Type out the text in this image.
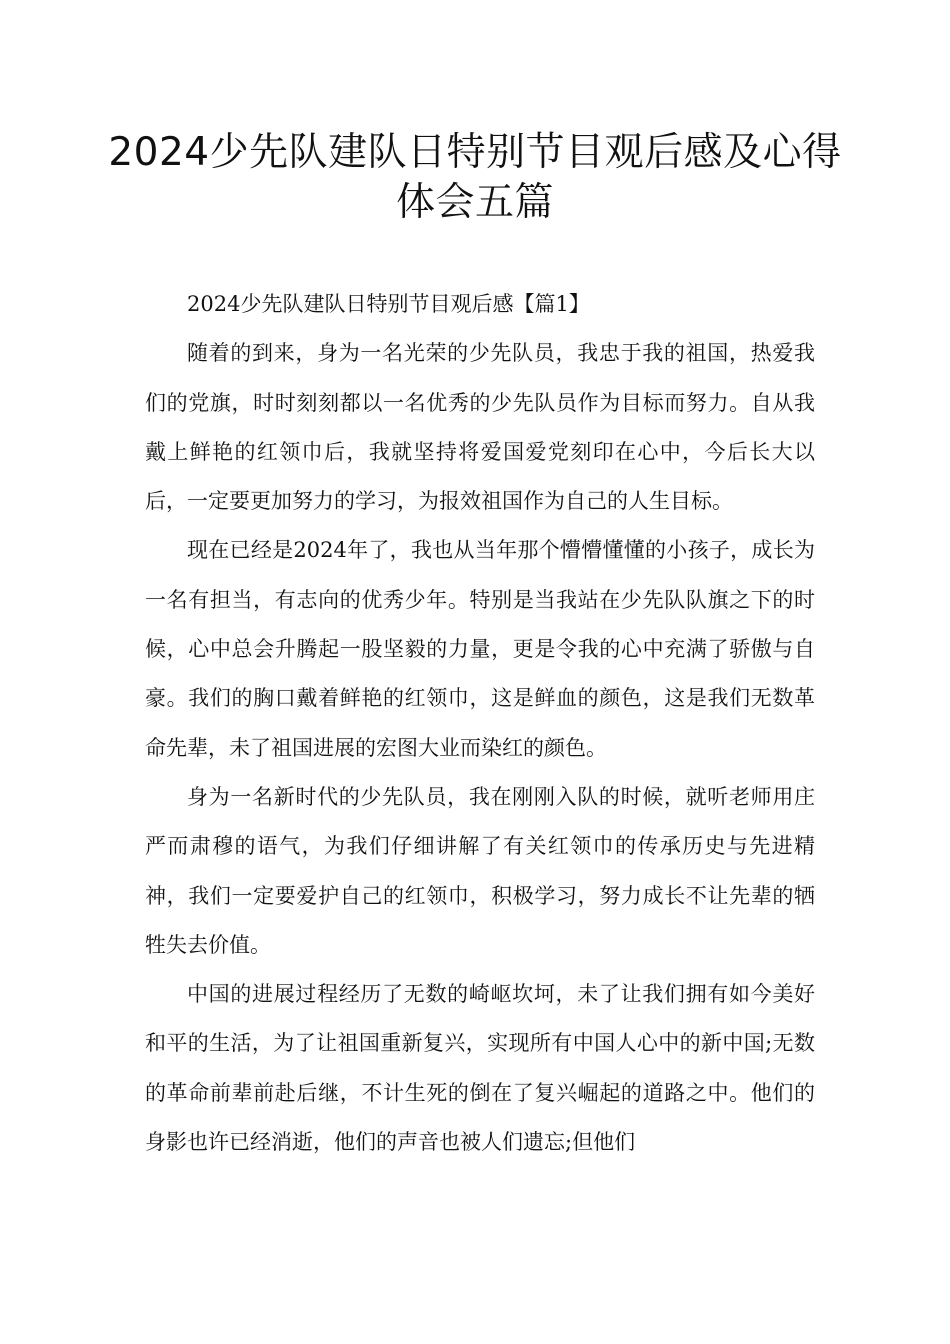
2024少先队建队日特别节目观后感及心得体会五篇

2024少先队建队日特别节目观后感【篇1】

随着的到来，身为一名光荣的少先队员，我忠于我的祖国，热爱我们的党旗，时时刻刻都以一名优秀的少先队员作为目标而努力。自从我戴上鲜艳的红领巾后，我就坚持将爱国爱党刻印在心中，今后长大以后，一定要更加努力的学习，为报效祖国作为自己的人生目标。

现在已经是2024年了，我也从当年那个懵懵懂懂的小孩子，成长为一名有担当，有志向的优秀少年。特别是当我站在少先队队旗之下的时候，心中总会升腾起一股坚毅的力量，更是令我的心中充满了骄傲与自豪。我们的胸口戴着鲜艳的红领巾，这是鲜血的颜色，这是我们无数革命先辈，未了祖国进展的宏图大业而染红的颜色。

身为一名新时代的少先队员，我在刚刚入队的时候，就听老师用庄严而肃穆的语气，为我们仔细讲解了有关红领巾的传承历史与先进精神，我们一定要爱护自己的红领巾，积极学习，努力成长不让先辈的牺牲失去价值。

中国的进展过程经历了无数的崎岖坎坷，未了让我们拥有如今美好和平的生活，为了让祖国重新复兴，实现所有中国人心中的新中国;无数的革命前辈前赴后继，不计生死的倒在了复兴崛起的道路之中。他们的身影也许已经消逝，他们的声音也被人们遗忘;但他们
